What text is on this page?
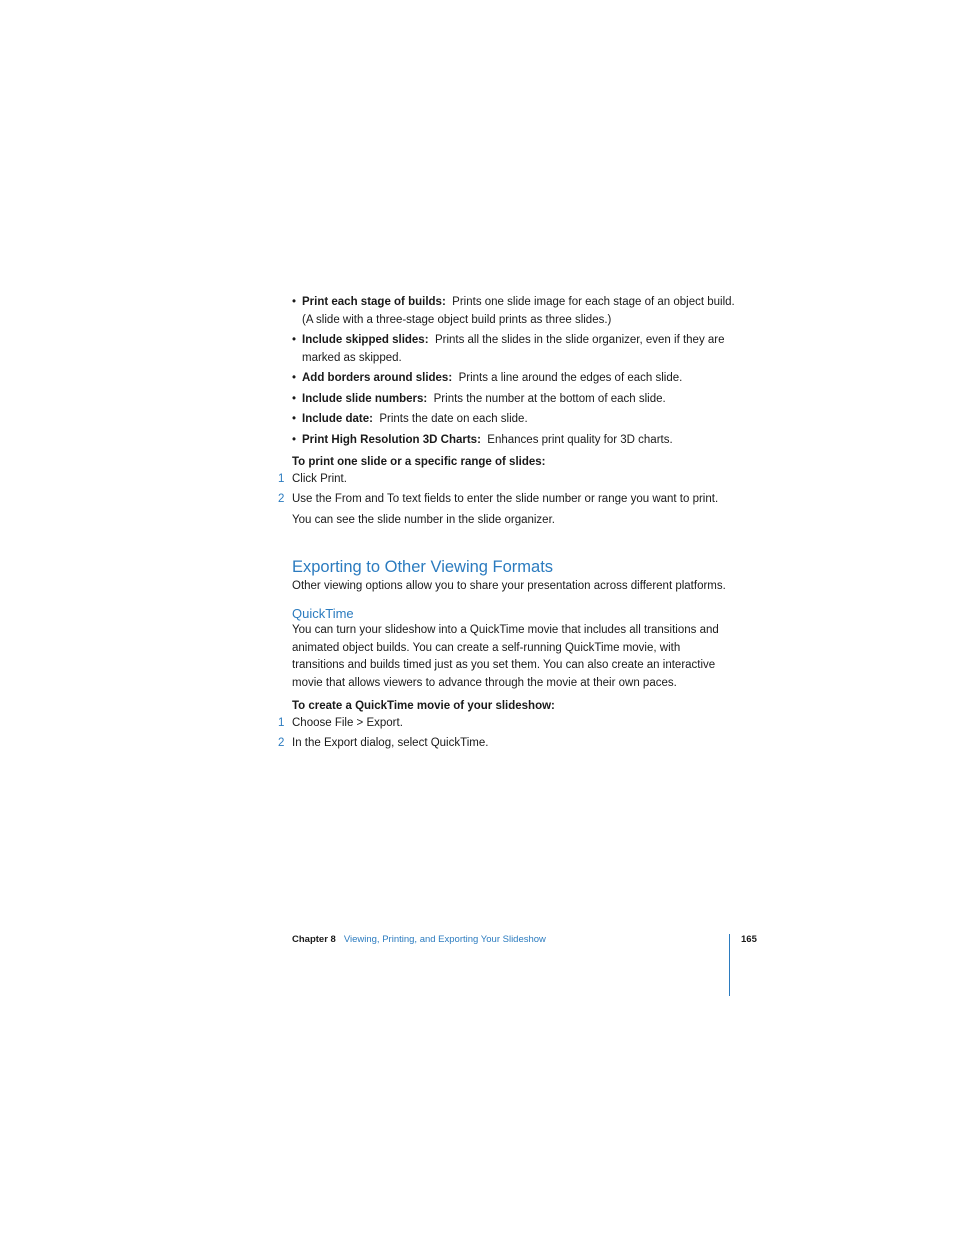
• Print each stage of builds: Prints one slide image for each stage of an object build. (A slide with a three-stage object build prints as three slides.)
• Include skipped slides: Prints all the slides in the slide organizer, even if they are marked as skipped.
• Add borders around slides: Prints a line around the edges of each slide.
• Include slide numbers: Prints the number at the bottom of each slide.
• Include date: Prints the date on each slide.
• Print High Resolution 3D Charts: Enhances print quality for 3D charts.
To print one slide or a specific range of slides:
1 Click Print.
2 Use the From and To text fields to enter the slide number or range you want to print.
You can see the slide number in the slide organizer.
Exporting to Other Viewing Formats
Other viewing options allow you to share your presentation across different platforms.
QuickTime
You can turn your slideshow into a QuickTime movie that includes all transitions and animated object builds. You can create a self-running QuickTime movie, with transitions and builds timed just as you set them. You can also create an interactive movie that allows viewers to advance through the movie at their own paces.
To create a QuickTime movie of your slideshow:
1 Choose File > Export.
2 In the Export dialog, select QuickTime.
Chapter 8 Viewing, Printing, and Exporting Your Slideshow	165
